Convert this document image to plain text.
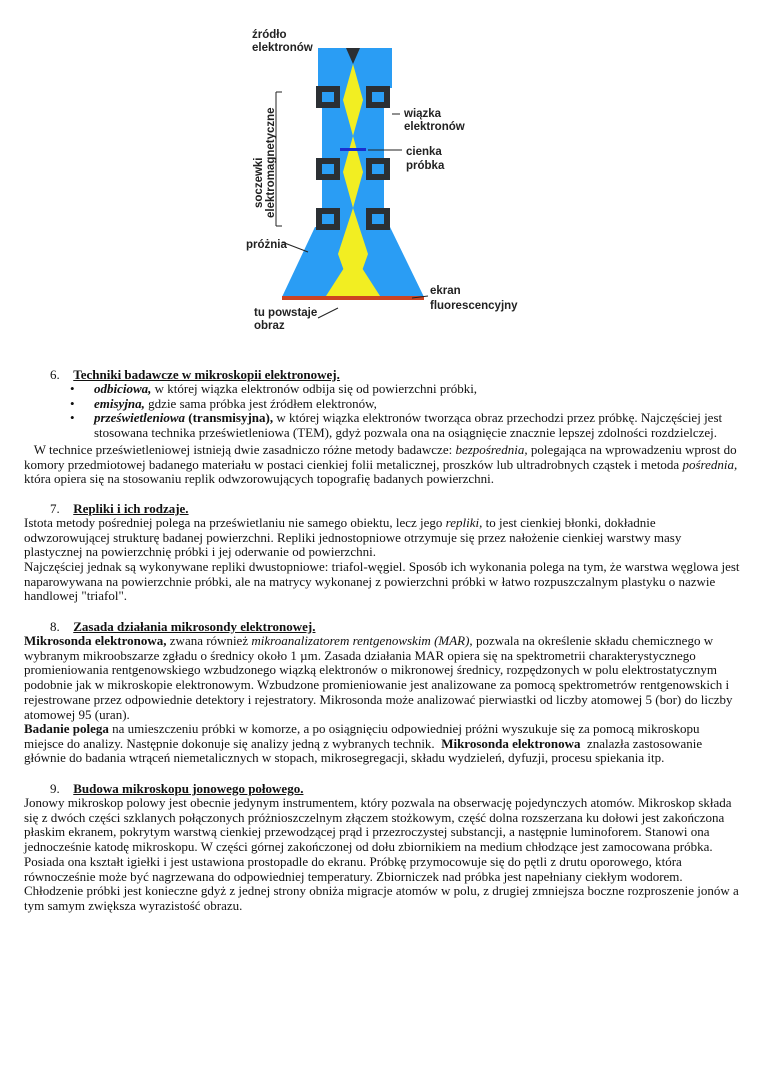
źródło
elektronów
wiązka
elektronów
cienka
próbka
soczewki elektromagnetyczne
próżnia
ekran
fluorescencyjny
tu powstaje
obraz
6. Techniki badawcze w mikroskopii elektronowej.
• odbiciowa, w której wiązka elektronów odbija się od powierzchni próbki,
• emisyjna, gdzie sama próbka jest źródłem elektronów,
• prześwietleniowa (transmisyjna), w której wiązka elektronów tworząca obraz przechodzi przez próbkę. Najczęściej jest stosowana technika prześwietleniowa (TEM), gdyż pozwala ona na osiągnięcie znacznie lepszej zdolności rozdzielczej.

W technice prześwietleniowej istnieją dwie zasadniczo różne metody badawcze: bezpośrednia, polegająca na wprowadzeniu wprost do komory przedmiotowej badanego materiału w postaci cienkiej folii metalicznej, proszków lub ultradrobnych cząstek i metoda pośrednia, która opiera się na stosowaniu replik odwzorowujących topografię badanych powierzchni.

7. Repliki i ich rodzaje.

Istota metody pośredniej polega na prześwietlaniu nie samego obiektu, lecz jego repliki, to jest cienkiej błonki, dokładnie odwzorowującej strukturę badanej powierzchni. Repliki jednostopniowe otrzymuje się przez nałożenie cienkiej warstwy masy plastycznej na powierzchnię próbki i jej oderwanie od powierzchni.

Najczęściej jednak są wykonywane repliki dwustopniowe: triafol-węgiel. Sposób ich wykonania polega na tym, że warstwa węglowa jest naparowywana na powierzchnie próbki, ale na matrycy wykonanej z powierzchni próbki w łatwo rozpuszczalnym plastyku o nazwie handlowej "triafol".

8. Zasada działania mikrosondy elektronowej.

Mikrosonda elektronowa, zwana również mikroanalizatorem rentgenowskim (MAR), pozwala na określenie składu chemicznego w wybranym mikroobszarze zgładu o średnicy około 1 µm. Zasada działania MAR opiera się na spektrometrii charakterystycznego promieniowania rentgenowskiego wzbudzonego wiązką elektronów o mikronowej średnicy, rozpędzonych w polu elektrostatycznym podobnie jak w mikroskopie elektronowym. Wzbudzone promieniowanie jest analizowane za pomocą spektrometrów rentgenowskich i rejestrowane przez odpowiednie detektory i rejestratory. Mikrosonda może analizować pierwiastki od liczby atomowej 5 (bor) do liczby atomowej 95 (uran).

Badanie polega na umieszczeniu próbki w komorze, a po osiągnięciu odpowiedniej próżni wyszukuje się za pomocą mikroskopu miejsce do analizy. Następnie dokonuje się analizy jedną z wybranych technik.  Mikrosonda elektronowa  znalazła zastosowanie głównie do badania wtrąceń niemetalicznych w stopach, mikrosegregacji, składu wydzieleń, dyfuzji, procesu spiekania itp.

9. Budowa mikroskopu jonowego połowego.

Jonowy mikroskop polowy jest obecnie jedynym instrumentem, który pozwala na obserwację pojedynczych atomów. Mikroskop składa się z dwóch części szklanych połączonych próżnioszczelnym złączem stożkowym, część dolna rozszerzana ku dołowi jest zakończona płaskim ekranem, pokrytym warstwą cienkiej przewodzącej prąd i przezroczystej substancji, a następnie luminoforem. Stanowi ona jednocześnie katodę mikroskopu. W części górnej zakończonej od dołu zbiornikiem na medium chłodzące jest zamocowana próbka. Posiada ona kształt igiełki i jest ustawiona prostopadle do ekranu. Próbkę przymocowuje się do pętli z drutu oporowego, która równocześnie może być nagrzewana do odpowiedniej temperatury. Zbiorniczek nad próbka jest napełniany ciekłym wodorem. Chłodzenie próbki jest konieczne gdyż z jednej strony obniża migracje atomów w polu, z drugiej zmniejsza boczne rozproszenie jonów a tym samym zwiększa wyrazistość obrazu.
